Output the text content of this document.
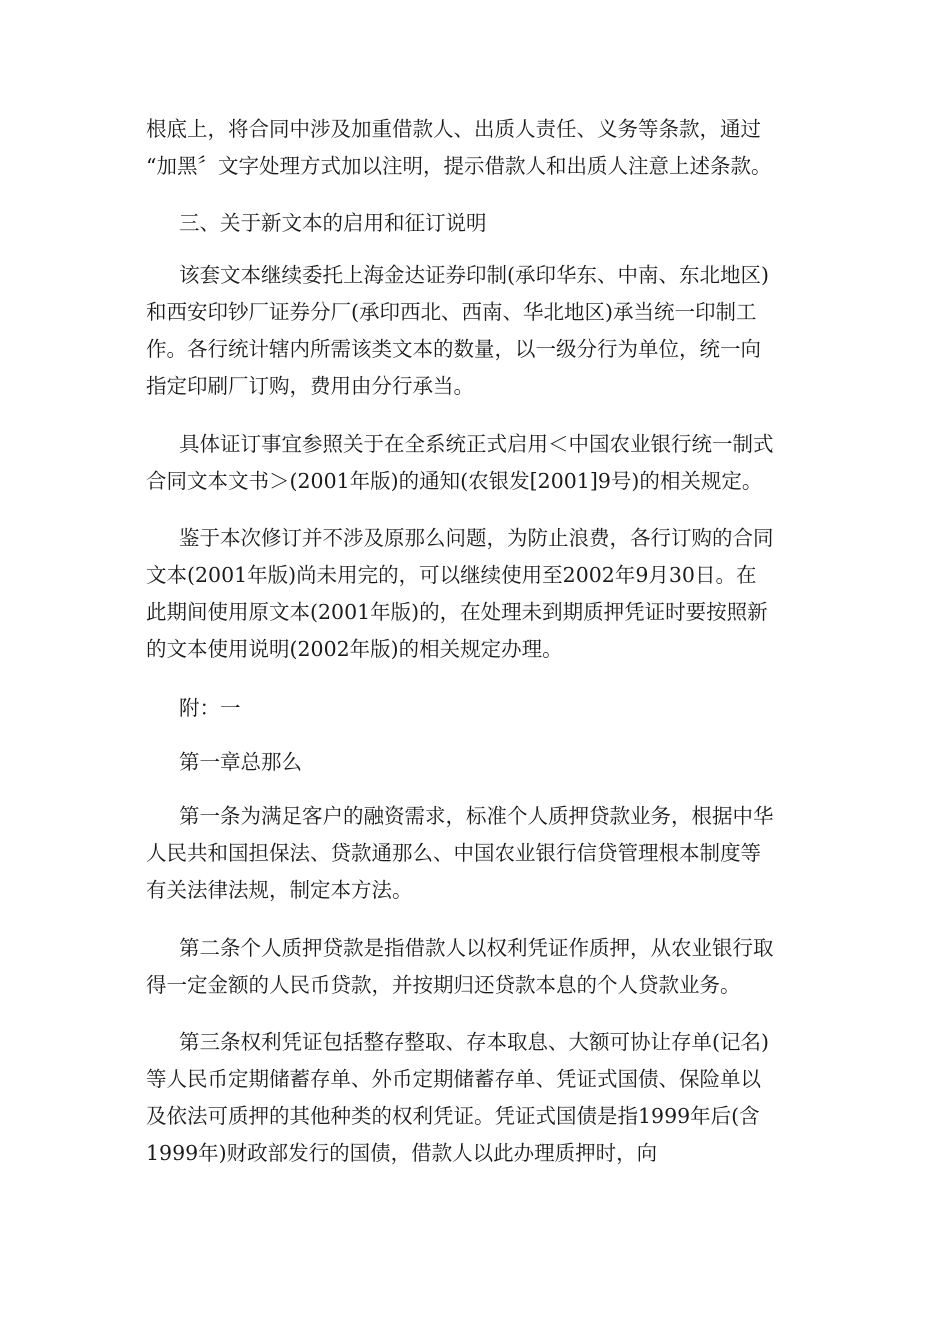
根底上，将合同中涉及加重借款人、出质人责任、义务等条款，通过
“加黑〞文字处理方式加以注明，提示借款人和出质人注意上述条款。
三、关于新文本的启用和征订说明
该套文本继续委托上海金达证券印制(承印华东、中南、东北地区)
和西安印钞厂证券分厂(承印西北、西南、华北地区)承当统一印制工
作。各行统计辖内所需该类文本的数量，以一级分行为单位，统一向
指定印刷厂订购，费用由分行承当。
具体证订事宜参照关于在全系统正式启用＜中国农业银行统一制式
合同文本文书＞(2001年版)的通知(农银发[2001]9号)的相关规定。
鉴于本次修订并不涉及原那么问题，为防止浪费，各行订购的合同
文本(2001年版)尚未用完的，可以继续使用至2002年9月30日。在
此期间使用原文本(2001年版)的，在处理未到期质押凭证时要按照新
的文本使用说明(2002年版)的相关规定办理。
附：一
第一章总那么
第一条为满足客户的融资需求，标准个人质押贷款业务，根据中华
人民共和国担保法、贷款通那么、中国农业银行信贷管理根本制度等
有关法律法规，制定本方法。
第二条个人质押贷款是指借款人以权利凭证作质押，从农业银行取
得一定金额的人民币贷款，并按期归还贷款本息的个人贷款业务。
第三条权利凭证包括整存整取、存本取息、大额可协让存单(记名)
等人民币定期储蓄存单、外币定期储蓄存单、凭证式国债、保险单以
及依法可质押的其他种类的权利凭证。凭证式国债是指1999年后(含
1999年)财政部发行的国债，借款人以此办理质押时，向
